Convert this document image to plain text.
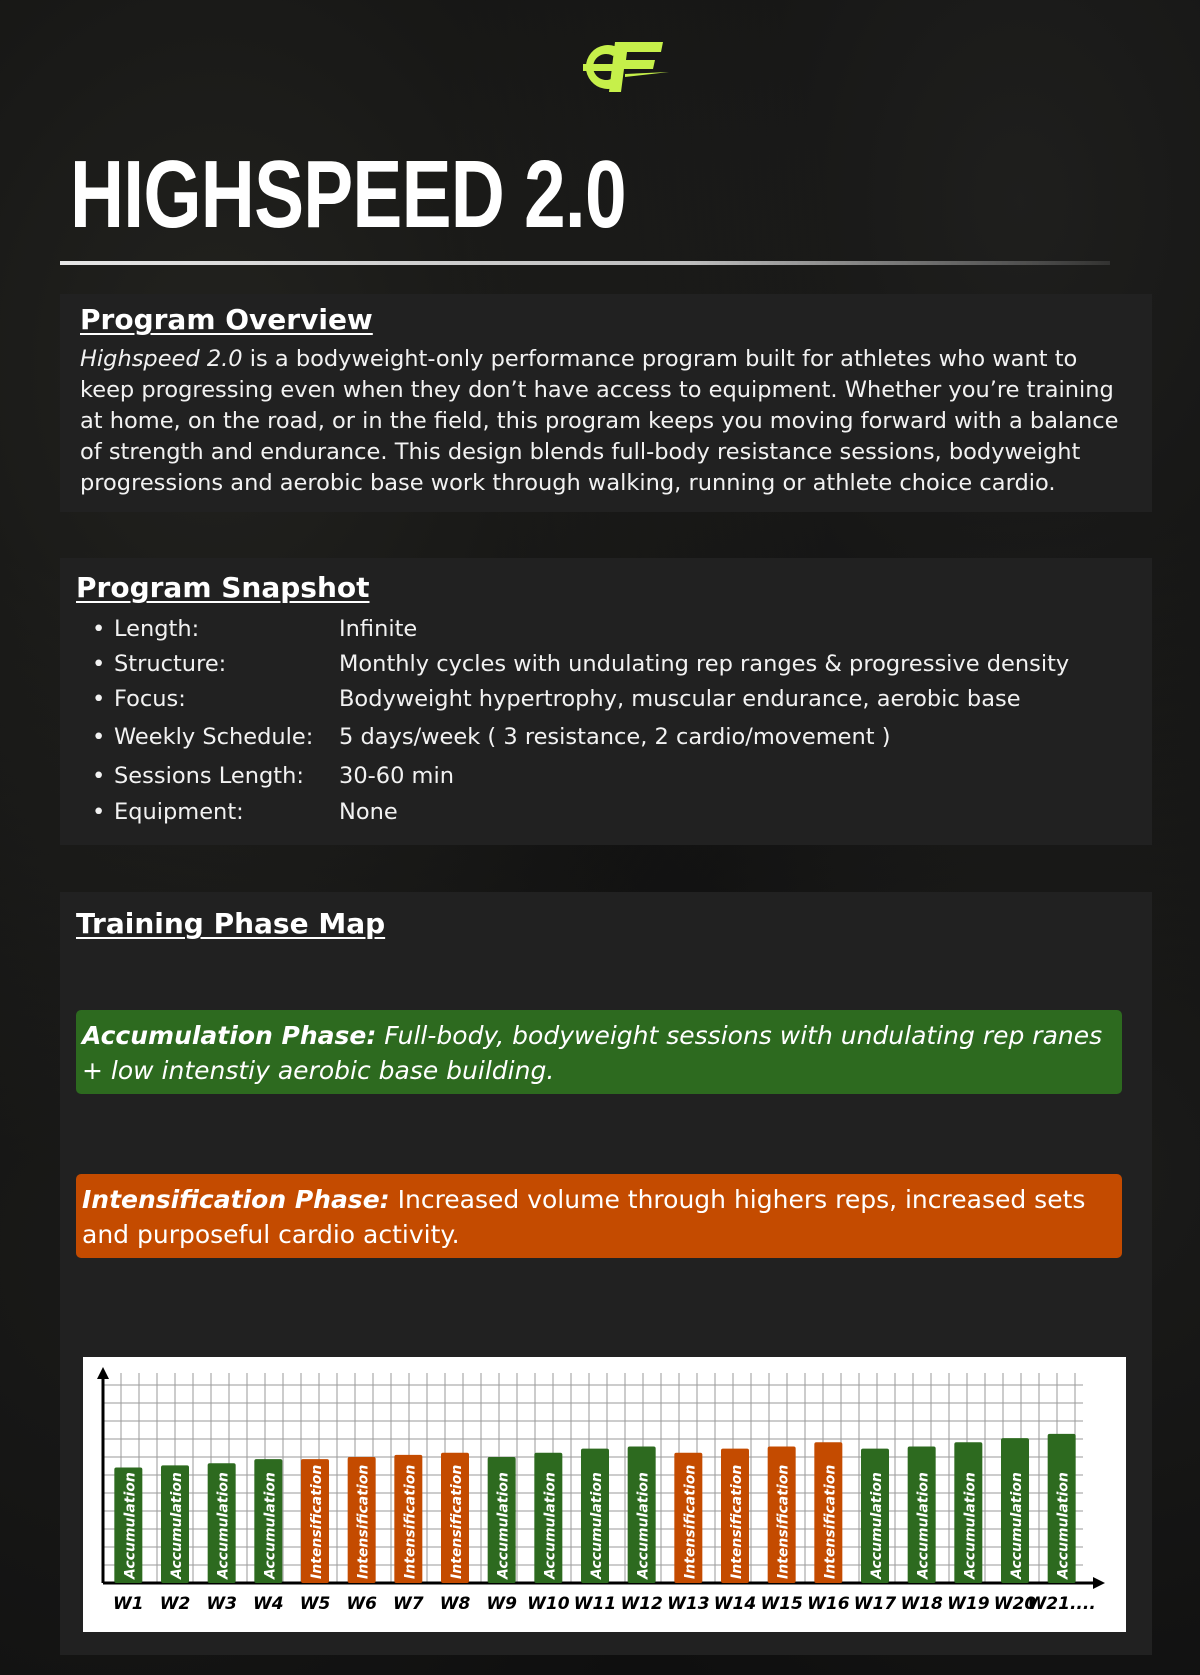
HIGHSPEED 2.0
Program Overview

Highspeed 2.0 is a bodyweight-only performance program built for athletes who want to keep progressing even when they don’t have access to equipment. Whether you’re training at home, on the road, or in the field, this program keeps you moving forward with a balance of strength and endurance. This design blends full-body resistance sessions, bodyweight progressions and aerobic base work through walking, running or athlete choice cardio.

Program Snapshot
• Length:	Infinite
• Structure:	Monthly cycles with undulating rep ranges & progressive density
• Focus:	Bodyweight hypertrophy, muscular endurance, aerobic base
• Weekly Schedule:	5 days/week ( 3 resistance, 2 cardio/movement )
• Sessions Length:	30-60 min
• Equipment:	None
Training Phase Map
Accumulation Phase: Full-body, bodyweight sessions with undulating rep ranes + low intenstiy aerobic base building.
Intensification Phase: Increased volume through highers reps, increased sets and purposeful cardio activity.
Accumulation
W1
Accumulation
W2
Accumulation
W3
Accumulation
W4
Intensification
W5
Intensification
W6
Intensification
W7
Intensification
W8
Accumulation
W9
Accumulation
W10
Accumulation
W11
Accumulation
W12
Intensification
W13
Intensification
W14
Intensification
W15
Intensification
W16
Accumulation
W17
Accumulation
W18
Accumulation
W19
Accumulation
W20
Accumulation
W21....
